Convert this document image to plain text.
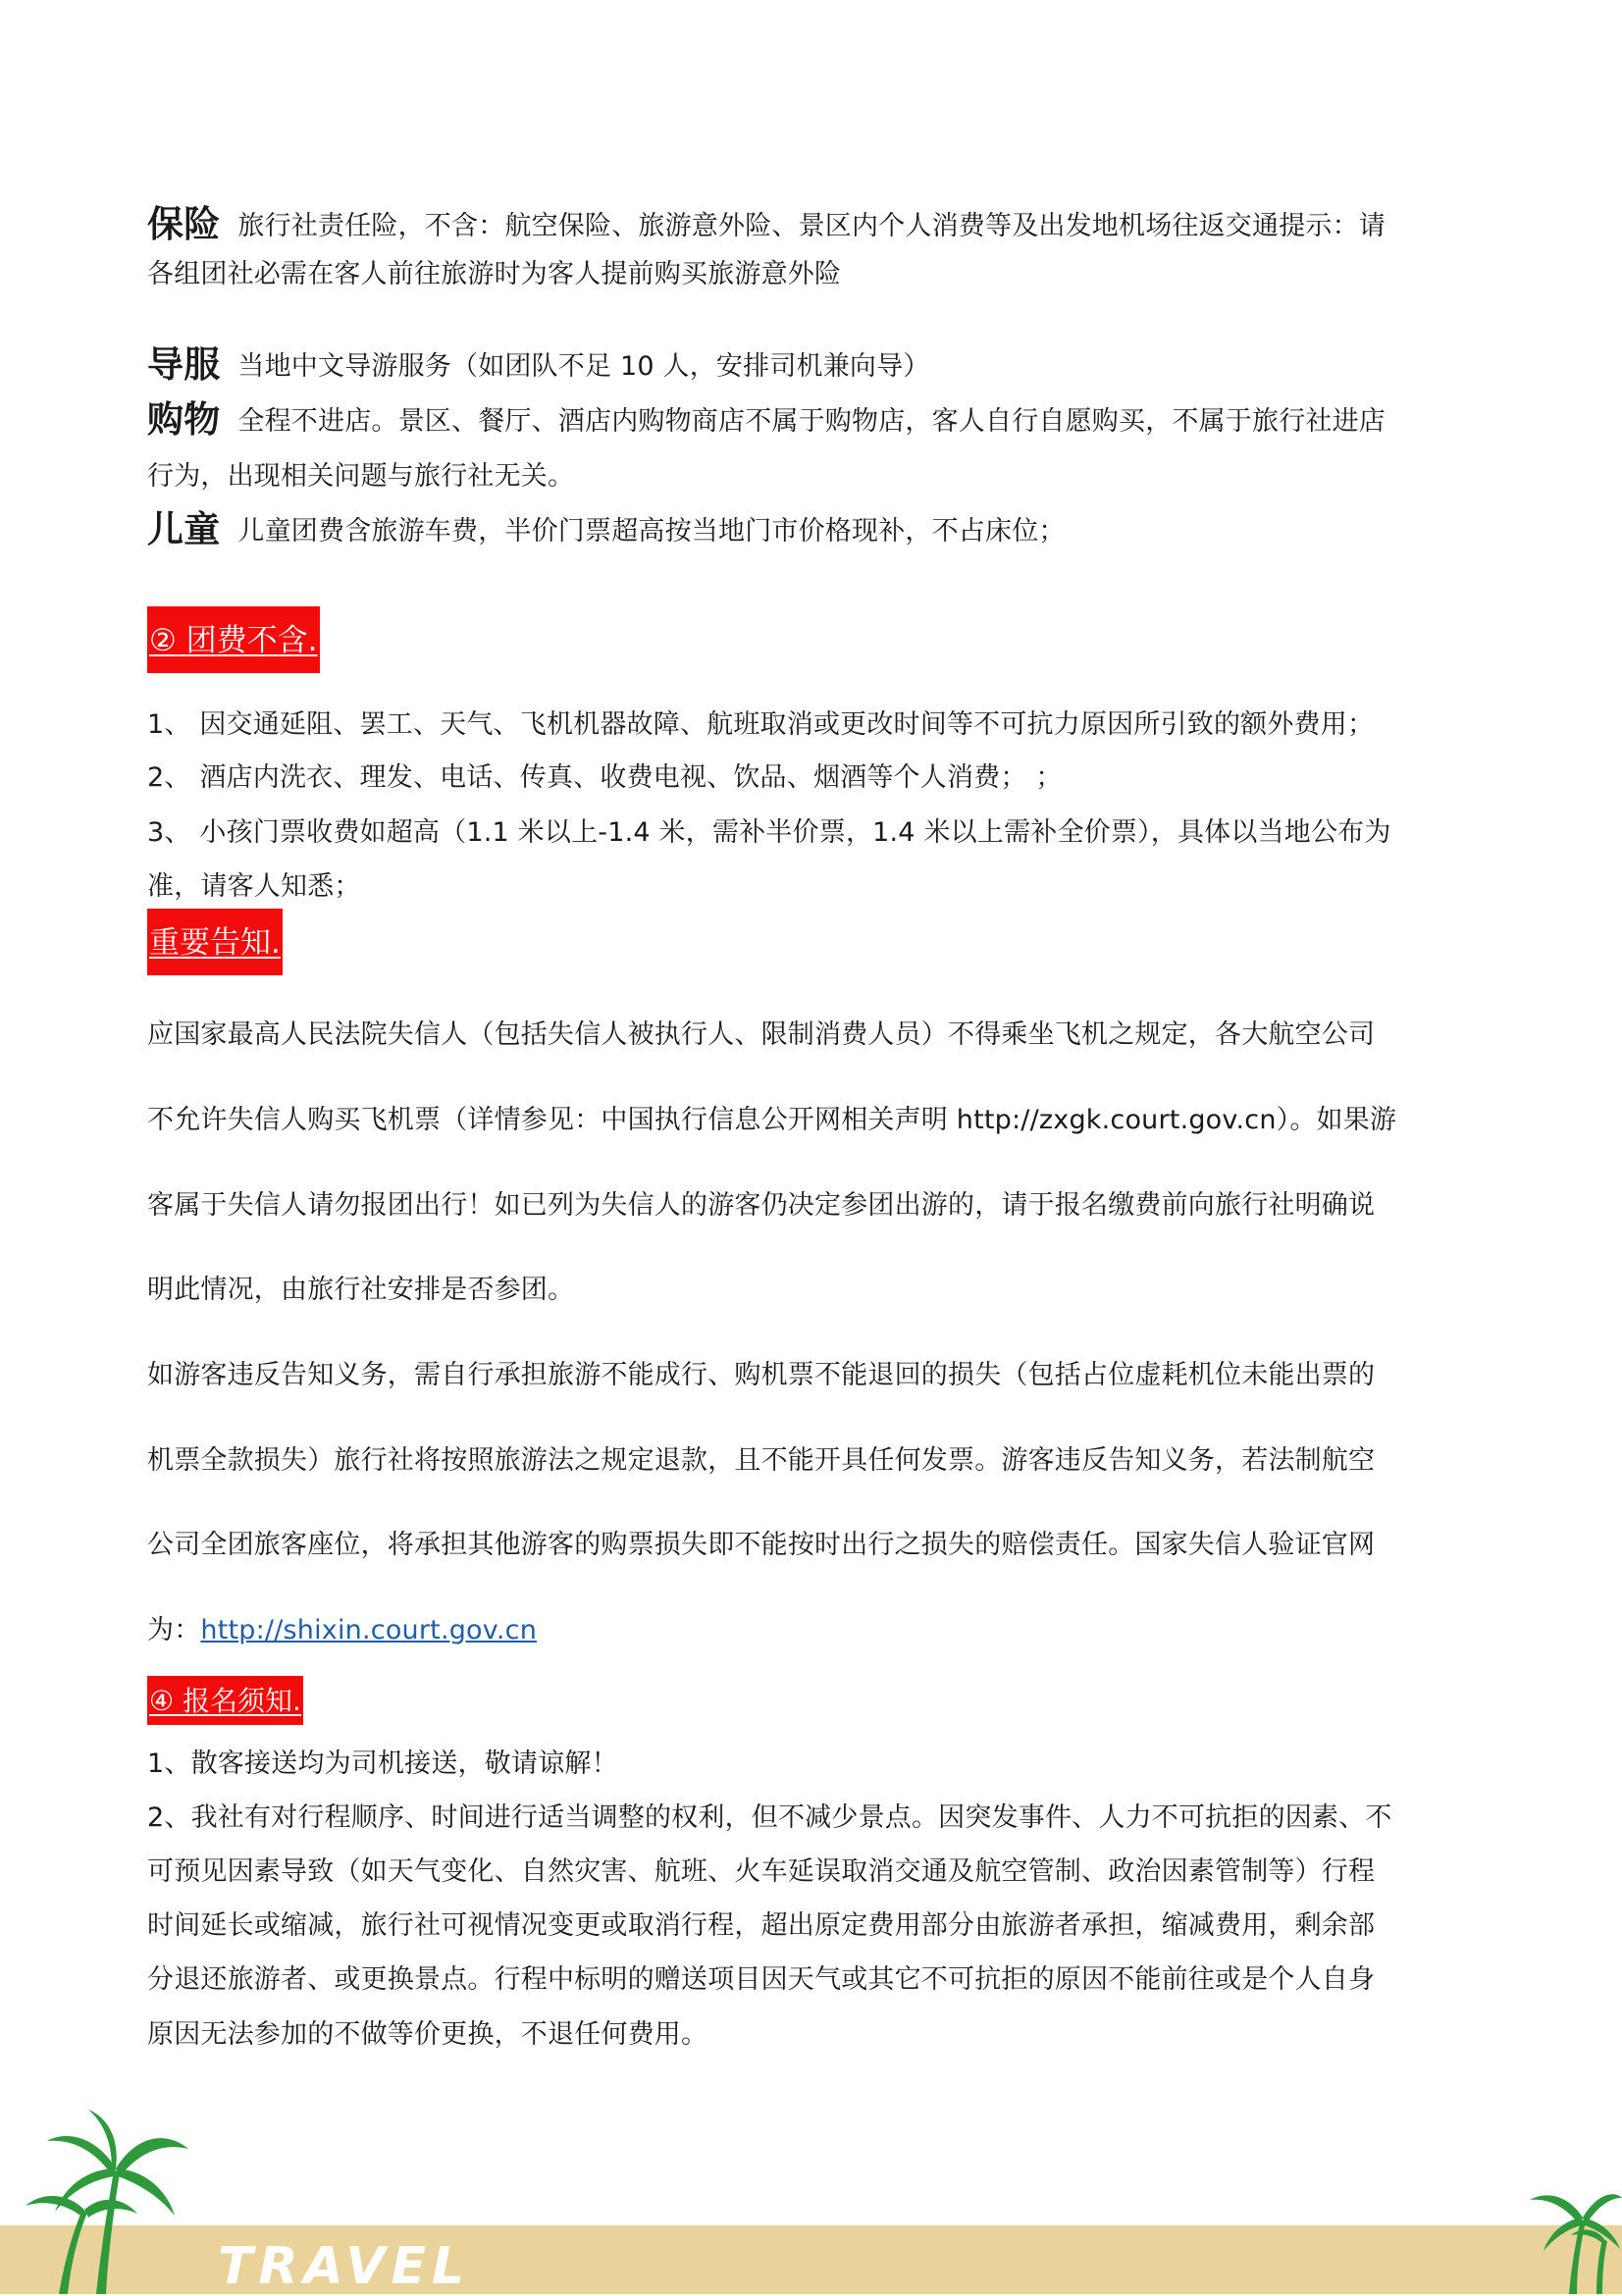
保险 旅行社责任险，不含：航空保险、旅游意外险、景区内个人消费等及出发地机场往返交通提示：请
各组团社必需在客人前往旅游时为客人提前购买旅游意外险
导服 当地中文导游服务（如团队不足 10 人，安排司机兼向导）
购物 全程不进店。景区、餐厅、酒店内购物商店不属于购物店，客人自行自愿购买，不属于旅行社进店
行为，出现相关问题与旅行社无关。
儿童 儿童团费含旅游车费，半价门票超高按当地门市价格现补，不占床位；
② 团费不含.
1、 因交通延阻、罢工、天气、飞机机器故障、航班取消或更改时间等不可抗力原因所引致的额外费用；
2、 酒店内洗衣、理发、电话、传真、收费电视、饮品、烟酒等个人消费； ；
3、 小孩门票收费如超高（1.1 米以上-1.4 米，需补半价票，1.4 米以上需补全价票），具体以当地公布为
准，请客人知悉；
重要告知.
应国家最高人民法院失信人（包括失信人被执行人、限制消费人员）不得乘坐飞机之规定，各大航空公司
不允许失信人购买飞机票（详情参见：中国执行信息公开网相关声明 http://zxgk.court.gov.cn）。如果游
客属于失信人请勿报团出行！如已列为失信人的游客仍决定参团出游的，请于报名缴费前向旅行社明确说
明此情况，由旅行社安排是否参团。
如游客违反告知义务，需自行承担旅游不能成行、购机票不能退回的损失（包括占位虚耗机位未能出票的
机票全款损失）旅行社将按照旅游法之规定退款，且不能开具任何发票。游客违反告知义务，若法制航空
公司全团旅客座位，将承担其他游客的购票损失即不能按时出行之损失的赔偿责任。国家失信人验证官网
为：http://shixin.court.gov.cn
④ 报名须知.
1、散客接送均为司机接送，敬请谅解！
2、我社有对行程顺序、时间进行适当调整的权利，但不减少景点。因突发事件、人力不可抗拒的因素、不
可预见因素导致（如天气变化、自然灾害、航班、火车延误取消交通及航空管制、政治因素管制等）行程
时间延长或缩减，旅行社可视情况变更或取消行程，超出原定费用部分由旅游者承担，缩减费用，剩余部
分退还旅游者、或更换景点。行程中标明的赠送项目因天气或其它不可抗拒的原因不能前往或是个人自身
原因无法参加的不做等价更换，不退任何费用。
TRAVEL
